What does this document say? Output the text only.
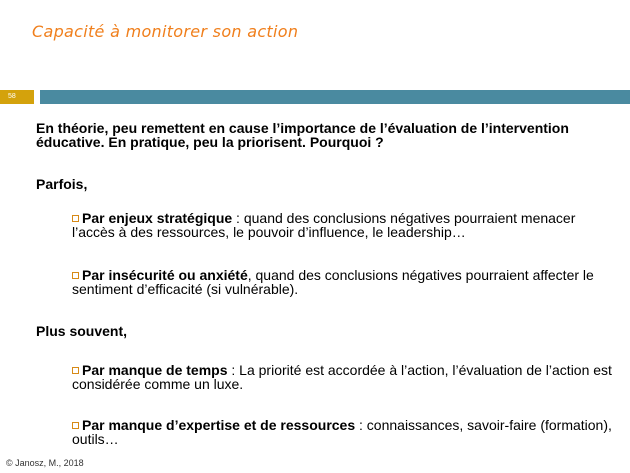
Capacité à monitorer son action
58

En théorie, peu remettent en cause l’importance de l’évaluation de l’intervention éducative. En pratique, peu la priorisent. Pourquoi ?

Parfois,
Par enjeux stratégique : quand des conclusions négatives pourraient menacer l’accès à des ressources, le pouvoir d’influence, le leadership…
Par insécurité ou anxiété, quand des conclusions négatives pourraient affecter le sentiment d’efficacité (si vulnérable).
Plus souvent,
Par manque de temps : La priorité est accordée à l’action, l’évaluation de l’action est considérée comme un luxe.
Par manque d’expertise et de ressources : connaissances, savoir-faire (formation), outils…
© Janosz, M., 2018
